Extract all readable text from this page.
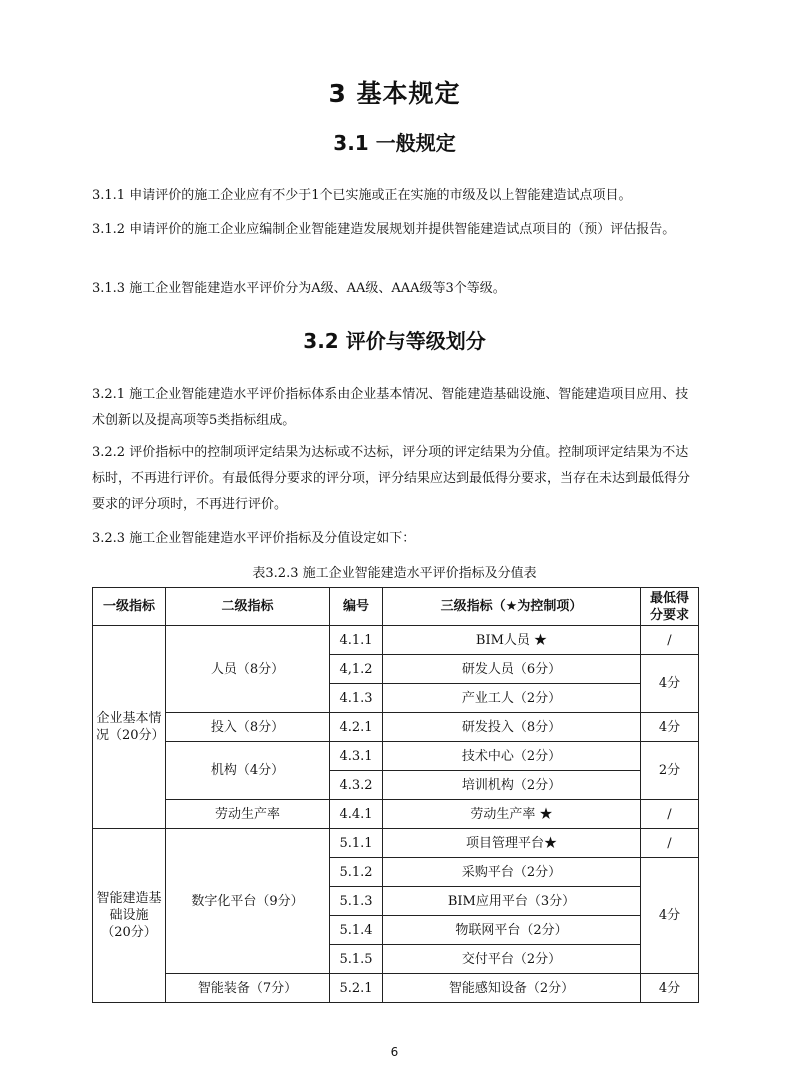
3 基本规定
3.1 一般规定
3.1.1 申请评价的施工企业应有不少于1个已实施或正在实施的市级及以上智能建造试点项目。
3.1.2 申请评价的施工企业应编制企业智能建造发展规划并提供智能建造试点项目的（预）评估报告。
3.1.3 施工企业智能建造水平评价分为A级、AA级、AAA级等3个等级。
3.2 评价与等级划分
3.2.1 施工企业智能建造水平评价指标体系由企业基本情况、智能建造基础设施、智能建造项目应用、技术创新以及提高项等5类指标组成。
3.2.2 评价指标中的控制项评定结果为达标或不达标，评分项的评定结果为分值。控制项评定结果为不达标时，不再进行评价。有最低得分要求的评分项，评分结果应达到最低得分要求，当存在未达到最低得分要求的评分项时，不再进行评价。
3.2.3 施工企业智能建造水平评价指标及分值设定如下：
表3.2.3 施工企业智能建造水平评价指标及分值表
一级指标	二级指标	编号	三级指标（★为控制项）	最低得分要求
企业基本情况（20分）	人员（8分）	4.1.1	BIM人员 ★	/
		4,1.2	研发人员（6分）	4分
		4.1.3	产业工人（2分）	
	投入（8分）	4.2.1	研发投入（8分）	4分
	机构（4分）	4.3.1	技术中心（2分）	2分
		4.3.2	培训机构（2分）	
	劳动生产率	4.4.1	劳动生产率 ★	/
智能建造基础设施（20分）	数字化平台（9分）	5.1.1	项目管理平台★	/
		5.1.2	采购平台（2分）	4分
		5.1.3	BIM应用平台（3分）	
		5.1.4	物联网平台（2分）	
		5.1.5	交付平台（2分）	
	智能装备（7分）	5.2.1	智能感知设备（2分）	4分
6
